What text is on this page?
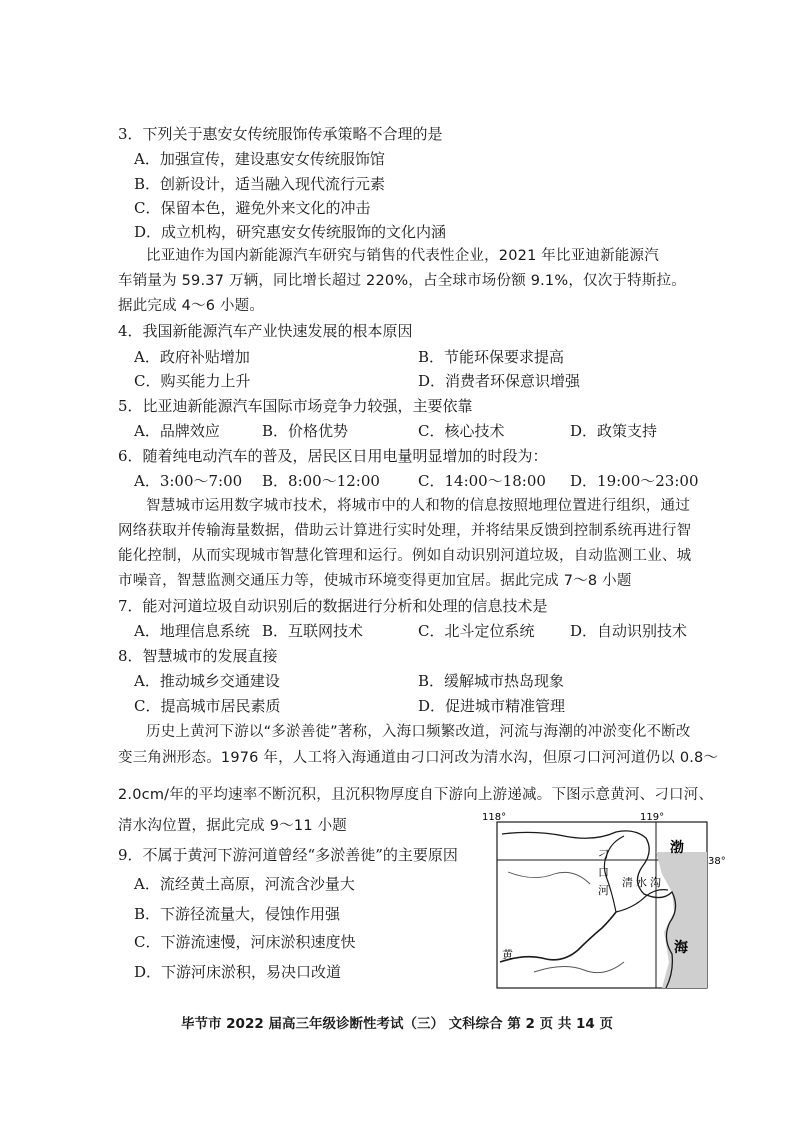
3．下列关于惠安女传统服饰传承策略不合理的是
A．加强宣传，建设惠安女传统服饰馆
B．创新设计，适当融入现代流行元素
C．保留本色，避免外来文化的冲击
D．成立机构，研究惠安女传统服饰的文化内涵
比亚迪作为国内新能源汽车研究与销售的代表性企业，2021 年比亚迪新能源汽
车销量为 59.37 万辆，同比增长超过 220%，占全球市场份额 9.1%，仅次于特斯拉。
据此完成 4～6 小题。
4．我国新能源汽车产业快速发展的根本原因
A．政府补贴增加	B．节能环保要求提高
C．购买能力上升	D．消费者环保意识增强
5．比亚迪新能源汽车国际市场竞争力较强，主要依靠
A．品牌效应	B．价格优势	C．核心技术	D．政策支持
6．随着纯电动汽车的普及，居民区日用电量明显增加的时段为：
A．3:00～7:00 B．8:00～12:00	C．14:00～18:00 D．19:00～23:00
智慧城市运用数字城市技术，将城市中的人和物的信息按照地理位置进行组织，通过
网络获取并传输海量数据，借助云计算进行实时处理，并将结果反馈到控制系统再进行智
能化控制，从而实现城市智慧化管理和运行。例如自动识别河道垃圾，自动监测工业、城
市噪音，智慧监测交通压力等，使城市环境变得更加宜居。据此完成 7～8 小题
7．能对河道垃圾自动识别后的数据进行分析和处理的信息技术是
A．地理信息系统 B．互联网技术	C．北斗定位系统 D．自动识别技术
8．智慧城市的发展直接
A．推动城乡交通建设	B．缓解城市热岛现象
C．提高城市居民素质	D．促进城市精准管理
历史上黄河下游以“多淤善徙”著称，入海口频繁改道，河流与海潮的冲淤变化不断改
变三角洲形态。1976 年，人工将入海通道由刁口河改为清水沟，但原刁口河河道仍以 0.8～
2.0cm/年的平均速率不断沉积，且沉积物厚度自下游向上游递减。下图示意黄河、刁口河、
清水沟位置，据此完成 9～11 小题
9．不属于黄河下游河道曾经“多淤善徙”的主要原因
A．流经黄土高原，河流含沙量大
B．下游径流量大，侵蚀作用强
C．下游流速慢，河床淤积速度快
D．下游河床淤积，易决口改道
118°	119°
38°
渤
海
刁
口
河
清 水 沟
黄
毕节市 2022 届高三年级诊断性考试（三） 文科综合 第 2 页 共 14 页
